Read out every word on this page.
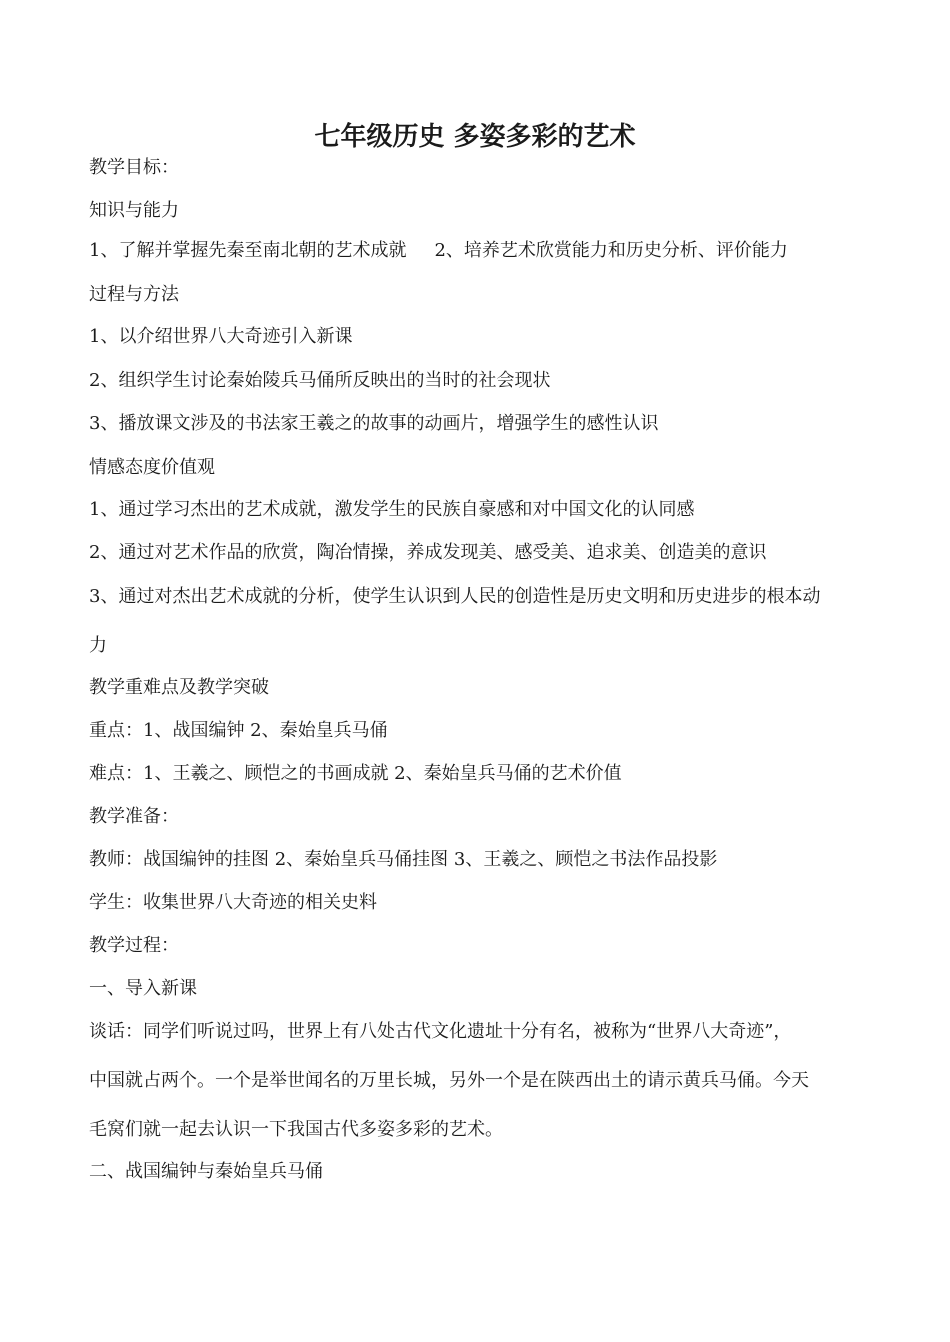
七年级历史 多姿多彩的艺术
教学目标：
知识与能力
1、了解并掌握先秦至南北朝的艺术成就 2、培养艺术欣赏能力和历史分析、评价能力
过程与方法
1、以介绍世界八大奇迹引入新课
2、组织学生讨论秦始陵兵马俑所反映出的当时的社会现状
3、播放课文涉及的书法家王羲之的故事的动画片，增强学生的感性认识
情感态度价值观
1、通过学习杰出的艺术成就，激发学生的民族自豪感和对中国文化的认同感
2、通过对艺术作品的欣赏，陶冶情操，养成发现美、感受美、追求美、创造美的意识
3、通过对杰出艺术成就的分析，使学生认识到人民的创造性是历史文明和历史进步的根本动
力
教学重难点及教学突破
重点：1、战国编钟 2、秦始皇兵马俑
难点：1、王羲之、顾恺之的书画成就 2、秦始皇兵马俑的艺术价值
教学准备：
教师：战国编钟的挂图 2、秦始皇兵马俑挂图 3、王羲之、顾恺之书法作品投影
学生：收集世界八大奇迹的相关史料
教学过程：
一、导入新课
谈话：同学们听说过吗，世界上有八处古代文化遗址十分有名，被称为“世界八大奇迹”，
中国就占两个。一个是举世闻名的万里长城，另外一个是在陕西出土的请示黄兵马俑。今天
毛窝们就一起去认识一下我国古代多姿多彩的艺术。
二、战国编钟与秦始皇兵马俑
